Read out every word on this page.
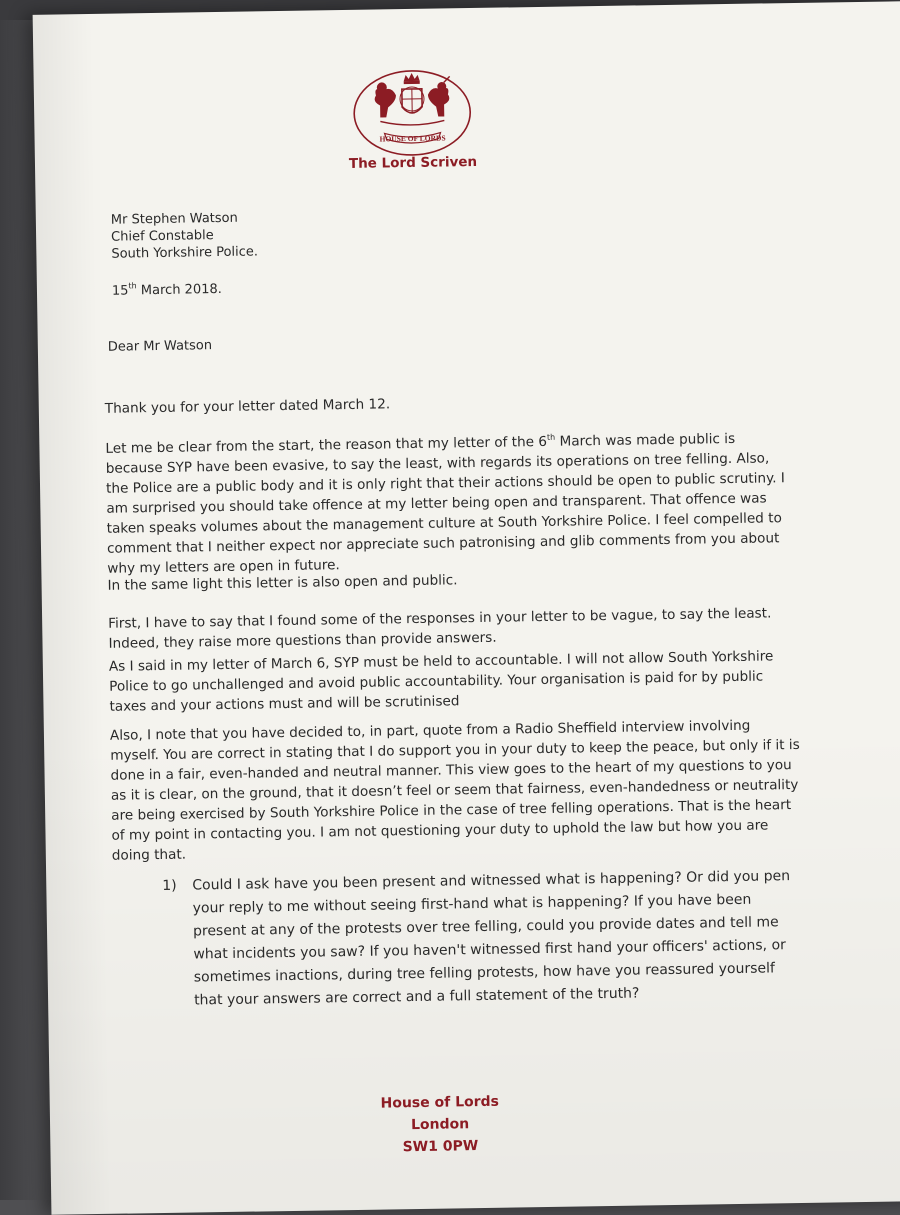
HOUSE OF LORDS
The Lord Scriven
Mr Stephen Watson
Chief Constable
South Yorkshire Police.
15th March 2018.
Dear Mr Watson
Thank you for your letter dated March 12.
Let me be clear from the start, the reason that my letter of the 6th March was made public is because SYP have been evasive, to say the least, with regards its operations on tree felling. Also, the Police are a public body and it is only right that their actions should be open to public scrutiny. I am surprised you should take offence at my letter being open and transparent. That offence was taken speaks volumes about the management culture at South Yorkshire Police. I feel compelled to comment that I neither expect nor appreciate such patronising and glib comments from you about why my letters are open in future.
In the same light this letter is also open and public.
First, I have to say that I found some of the responses in your letter to be vague, to say the least. Indeed, they raise more questions than provide answers.
As I said in my letter of March 6, SYP must be held to accountable. I will not allow South Yorkshire Police to go unchallenged and avoid public accountability. Your organisation is paid for by public taxes and your actions must and will be scrutinised
Also, I note that you have decided to, in part, quote from a Radio Sheffield interview involving myself. You are correct in stating that I do support you in your duty to keep the peace, but only if it is done in a fair, even-handed and neutral manner. This view goes to the heart of my questions to you as it is clear, on the ground, that it doesn’t feel or seem that fairness, even-handedness or neutrality are being exercised by South Yorkshire Police in the case of tree felling operations. That is the heart of my point in contacting you. I am not questioning your duty to uphold the law but how you are doing that.
1) Could I ask have you been present and witnessed what is happening? Or did you pen your reply to me without seeing first-hand what is happening? If you have been present at any of the protests over tree felling, could you provide dates and tell me what incidents you saw? If you haven't witnessed first hand your officers' actions, or sometimes inactions, during tree felling protests, how have you reassured yourself that your answers are correct and a full statement of the truth?
House of Lords
London
SW1 0PW
